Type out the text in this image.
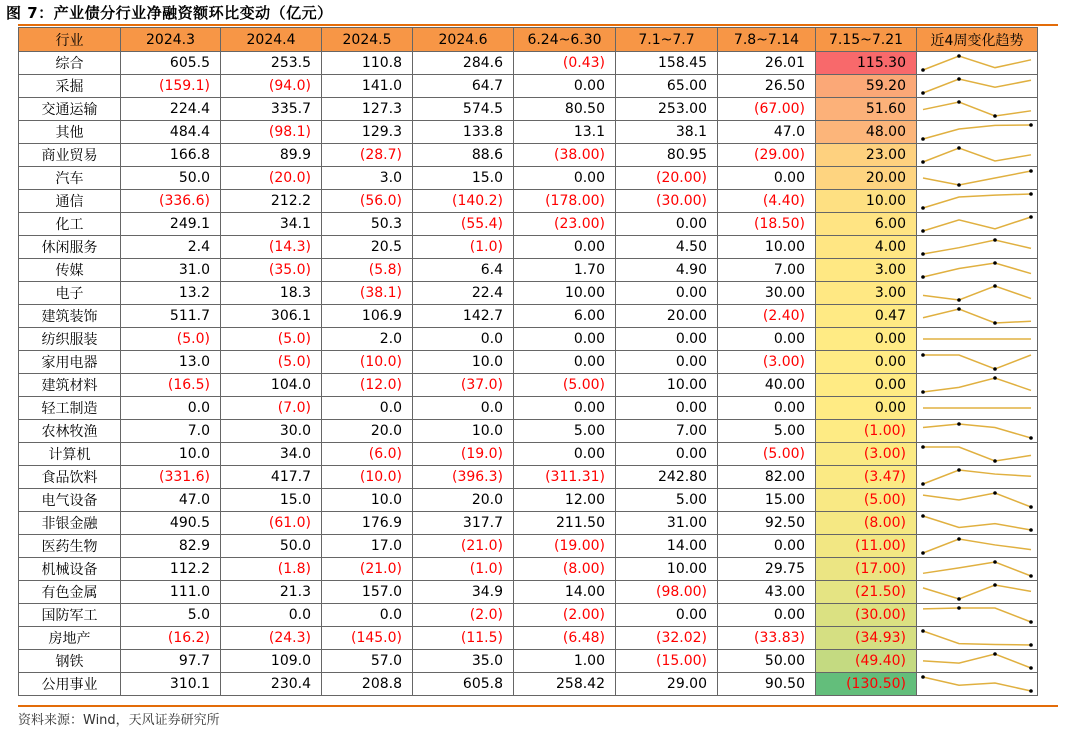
图 7：产业债分行业净融资额环比变动（亿元）
行业	2024.3	2024.4	2024.5	2024.6	6.24~6.30	7.1~7.7	7.8~7.14	7.15~7.21	近4周变化趋势
综合	605.5	253.5	110.8	284.6	(0.43)	158.45	26.01	115.30	

采掘	(159.1)	(94.0)	141.0	64.7	0.00	65.00	26.50	59.20	

交通运输	224.4	335.7	127.3	574.5	80.50	253.00	(67.00)	51.60	

其他	484.4	(98.1)	129.3	133.8	13.1	38.1	47.0	48.00	

商业贸易	166.8	89.9	(28.7)	88.6	(38.00)	80.95	(29.00)	23.00	

汽车	50.0	(20.0)	3.0	15.0	0.00	(20.00)	0.00	20.00	

通信	(336.6)	212.2	(56.0)	(140.2)	(178.00)	(30.00)	(4.40)	10.00	

化工	249.1	34.1	50.3	(55.4)	(23.00)	0.00	(18.50)	6.00	

休闲服务	2.4	(14.3)	20.5	(1.0)	0.00	4.50	10.00	4.00	

传媒	31.0	(35.0)	(5.8)	6.4	1.70	4.90	7.00	3.00	

电子	13.2	18.3	(38.1)	22.4	10.00	0.00	30.00	3.00	

建筑装饰	511.7	306.1	106.9	142.7	6.00	20.00	(2.40)	0.47	

纺织服装	(5.0)	(5.0)	2.0	0.0	0.00	0.00	0.00	0.00	

家用电器	13.0	(5.0)	(10.0)	10.0	0.00	0.00	(3.00)	0.00	

建筑材料	(16.5)	104.0	(12.0)	(37.0)	(5.00)	10.00	40.00	0.00	

轻工制造	0.0	(7.0)	0.0	0.0	0.00	0.00	0.00	0.00	

农林牧渔	7.0	30.0	20.0	10.0	5.00	7.00	5.00	(1.00)	

计算机	10.0	34.0	(6.0)	(19.0)	0.00	0.00	(5.00)	(3.00)	

食品饮料	(331.6)	417.7	(10.0)	(396.3)	(311.31)	242.80	82.00	(3.47)	

电气设备	47.0	15.0	10.0	20.0	12.00	5.00	15.00	(5.00)	

非银金融	490.5	(61.0)	176.9	317.7	211.50	31.00	92.50	(8.00)	

医药生物	82.9	50.0	17.0	(21.0)	(19.00)	14.00	0.00	(11.00)	

机械设备	112.2	(1.8)	(21.0)	(1.0)	(8.00)	10.00	29.75	(17.00)	

有色金属	111.0	21.3	157.0	34.9	14.00	(98.00)	43.00	(21.50)	

国防军工	5.0	0.0	0.0	(2.0)	(2.00)	0.00	0.00	(30.00)	

房地产	(16.2)	(24.3)	(145.0)	(11.5)	(6.48)	(32.02)	(33.83)	(34.93)	

钢铁	97.7	109.0	57.0	35.0	1.00	(15.00)	50.00	(49.40)	

公用事业	310.1	230.4	208.8	605.8	258.42	29.00	90.50	(130.50)	
资料来源：Wind，天风证券研究所
